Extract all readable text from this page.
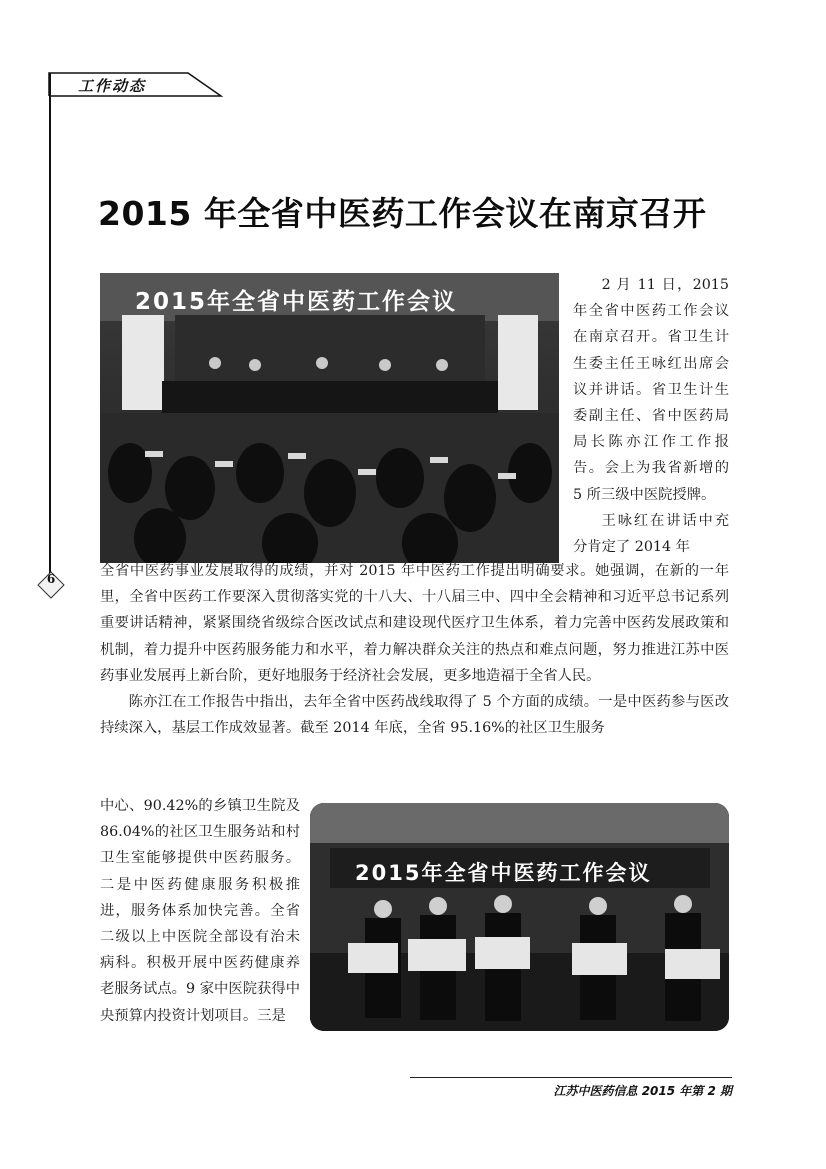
工作动态
2015 年全省中医药工作会议在南京召开
2015年全省中医药工作会议

2 月 11 日，2015 年全省中医药工作会议在南京召开。省卫生计生委主任王咏红出席会议并讲话。省卫生计生委副主任、省中医药局局长陈亦江作工作报告。会上为我省新增的 5 所三级中医院授牌。

王咏红在讲话中充分肯定了 2014 年

全省中医药事业发展取得的成绩，并对 2015 年中医药工作提出明确要求。她强调，在新的一年里，全省中医药工作要深入贯彻落实党的十八大、十八届三中、四中全会精神和习近平总书记系列重要讲话精神，紧紧围绕省级综合医改试点和建设现代医疗卫生体系，着力完善中医药发展政策和机制，着力提升中医药服务能力和水平，着力解决群众关注的热点和难点问题，努力推进江苏中医药事业发展再上新台阶，更好地服务于经济社会发展，更多地造福于全省人民。

陈亦江在工作报告中指出，去年全省中医药战线取得了 5 个方面的成绩。一是中医药参与医改持续深入，基层工作成效显著。截至 2014 年底，全省 95.16%的社区卫生服务

中心、90.42%的乡镇卫生院及 86.04%的社区卫生服务站和村卫生室能够提供中医药服务。二是中医药健康服务积极推进，服务体系加快完善。全省二级以上中医院全部设有治未病科。积极开展中医药健康养老服务试点。9 家中医院获得中央预算内投资计划项目。三是

2015年全省中医药工作会议
6
江苏中医药信息 2015 年第 2 期
